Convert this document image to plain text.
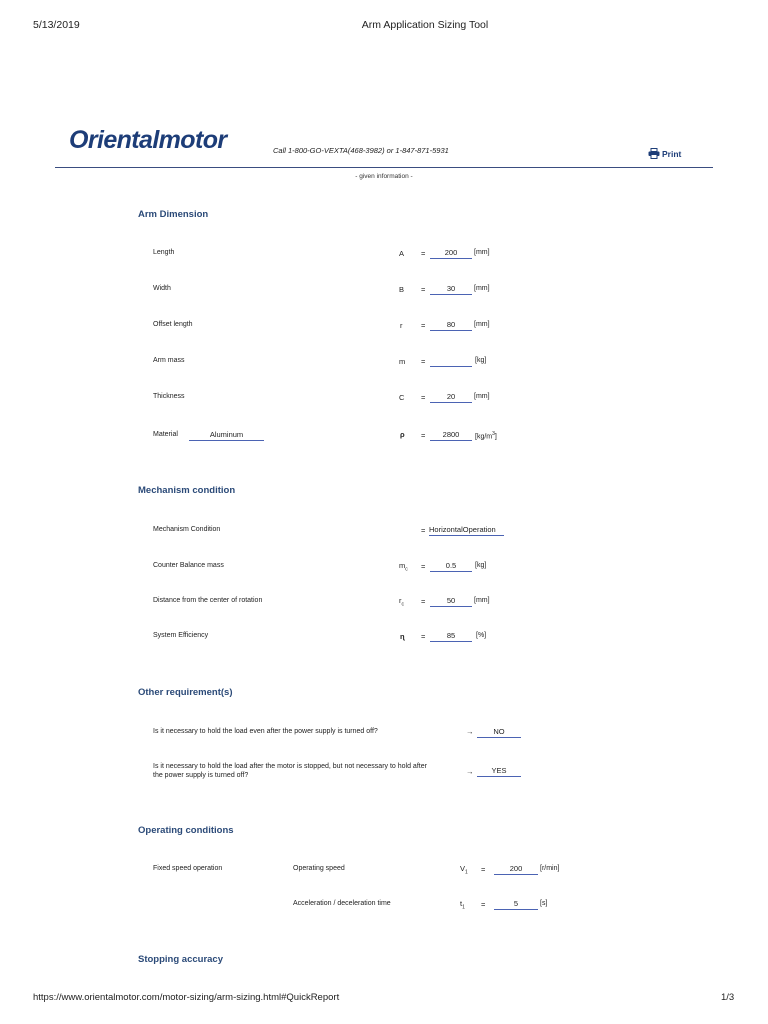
5/13/2019	Arm Application Sizing Tool
Orientalmotor	Call 1-800-GO-VEXTA(468-3982) or 1-847-871-5931	Print
- given information -
Arm Dimension
Length	A =	200	[mm]
Width	B =	30	[mm]
Offset length	r =	80	[mm]
Arm mass	m =	[kg]
Thickness	C =	20	[mm]
Material	Aluminum	ρ =	2800	$[kg/m^3]$
Mechanism condition
Mechanism Condition	= HorizontalOperation
Counter Balance mass	$m_c$ =	0.5	[kg]
Distance from the center of rotation	$r_c$ =	50	[mm]
System Efficiency	ɳ =	85	[%]
Other requirement(s)
Is it necessary to hold the load even after the power supply is turned off?	→	NO
Is it necessary to hold the load after the motor is stopped, but not necessary to hold after
the power supply is turned off?	→	YES
Operating conditions
Fixed speed operation	Operating speed	$V_1$ =	200	[r/min]
Acceleration / deceleration time	$t_1$ =	5	[s]
Stopping accuracy
https://www.orientalmotor.com/motor-sizing/arm-sizing.html#QuickReport	1/3
